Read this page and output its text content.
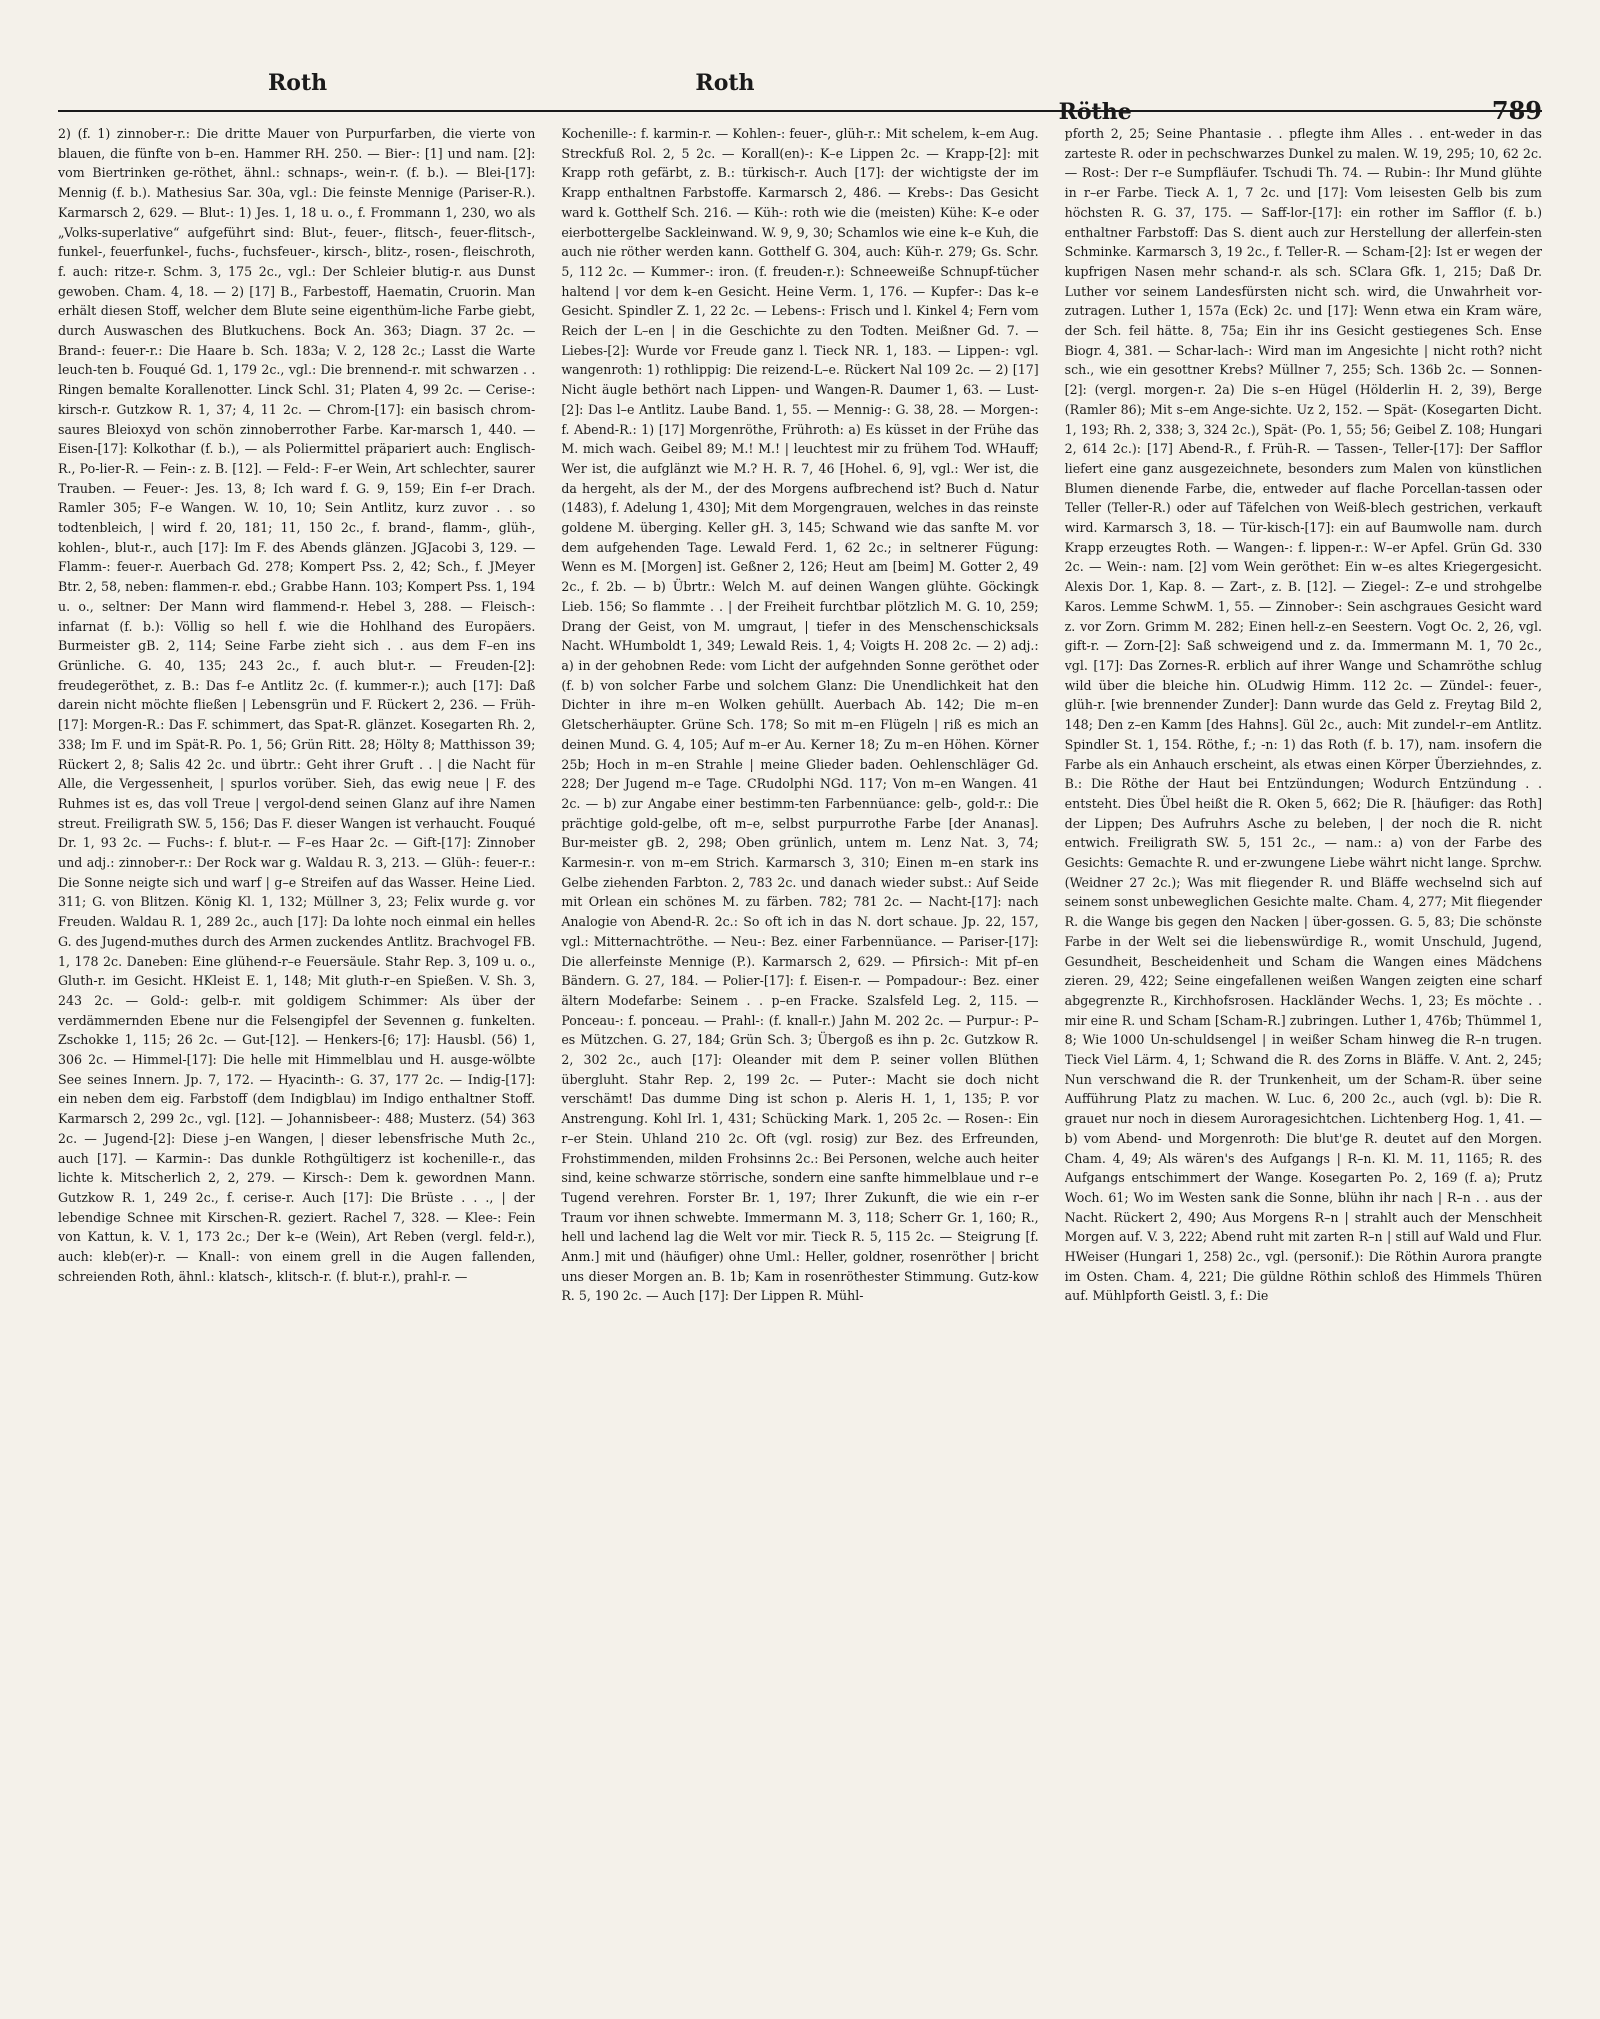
Roth	Roth
Röthe	789

2) (f. 1) zinnober-r.: Die dritte Mauer von Purpurfarben, die vierte von blauen, die fünfte von b–en. Hammer RH. 250. — Bier-: [1] und nam. [2]: vom Biertrinken ge-röthet, ähnl.: schnaps-, wein-r. (f. b.). — Blei-[17]: Mennig (f. b.). Mathesius Sar. 30a, vgl.: Die feinste Mennige (Pariser-R.). Karmarsch 2, 629. — Blut-: 1) Jes. 1, 18 u. o., f. Frommann 1, 230, wo als „Volks-superlative“ aufgeführt sind: Blut-, feuer-, flitsch-, feuer-flitsch-, funkel-, feuerfunkel-, fuchs-, fuchsfeuer-, kirsch-, blitz-, rosen-, fleischroth, f. auch: ritze-r. Schm. 3, 175 2c., vgl.: Der Schleier blutig-r. aus Dunst gewoben. Cham. 4, 18. — 2) [17] B., Farbestoff, Haematin, Cruorin. Man erhält diesen Stoff, welcher dem Blute seine eigenthüm-liche Farbe giebt, durch Auswaschen des Blutkuchens. Bock An. 363; Diagn. 37 2c. — Brand-: feuer-r.: Die Haare b. Sch. 183a; V. 2, 128 2c.; Lasst die Warte leuch-ten b. Fouqué Gd. 1, 179 2c., vgl.: Die brennend-r. mit schwarzen . . Ringen bemalte Korallenotter. Linck Schl. 31; Platen 4, 99 2c. — Cerise-: kirsch-r. Gutzkow R. 1, 37; 4, 11 2c. — Chrom-[17]: ein basisch chrom-saures Bleioxyd von schön zinnoberrother Farbe. Kar-marsch 1, 440. — Eisen-[17]: Kolkothar (f. b.), — als Poliermittel präpariert auch: Englisch-R., Po-lier-R. — Fein-: z. B. [12]. — Feld-: F–er Wein, Art schlechter, saurer Trauben. — Feuer-: Jes. 13, 8; Ich ward f. G. 9, 159; Ein f–er Drach. Ramler 305; F–e Wangen. W. 10, 10; Sein Antlitz, kurz zuvor . . so todtenbleich, | wird f. 20, 181; 11, 150 2c., f. brand-, flamm-, glüh-, kohlen-, blut-r., auch [17]: Im F. des Abends glänzen. JGJacobi 3, 129. — Flamm-: feuer-r. Auerbach Gd. 278; Kompert Pss. 2, 42; Sch., f. JMeyer Btr. 2, 58, neben: flammen-r. ebd.; Grabbe Hann. 103; Kompert Pss. 1, 194 u. o., seltner: Der Mann wird flammend-r. Hebel 3, 288. — Fleisch-: infarnat (f. b.): Völlig so hell f. wie die Hohlhand des Europäers. Burmeister gB. 2, 114; Seine Farbe zieht sich . . aus dem F–en ins Grünliche. G. 40, 135; 243 2c., f. auch blut-r. — Freuden-[2]: freudegeröthet, z. B.: Das f–e Antlitz 2c. (f. kummer-r.); auch [17]: Daß darein nicht möchte fließen | Lebensgrün und F. Rückert 2, 236. — Früh-[17]: Morgen-R.: Das F. schimmert, das Spat-R. glänzet. Kosegarten Rh. 2, 338; Im F. und im Spät-R. Po. 1, 56; Grün Ritt. 28; Hölty 8; Matthisson 39; Rückert 2, 8; Salis 42 2c. und übrtr.: Geht ihrer Gruft . . | die Nacht für Alle, die Vergessenheit, | spurlos vorüber. Sieh, das ewig neue | F. des Ruhmes ist es, das voll Treue | vergol-dend seinen Glanz auf ihre Namen streut. Freiligrath SW. 5, 156; Das F. dieser Wangen ist verhaucht. Fouqué Dr. 1, 93 2c. — Fuchs-: f. blut-r. — F–es Haar 2c. — Gift-[17]: Zinnober und adj.: zinnober-r.: Der Rock war g. Waldau R. 3, 213. — Glüh-: feuer-r.: Die Sonne neigte sich und warf | g–e Streifen auf das Wasser. Heine Lied. 311; G. von Blitzen. König Kl. 1, 132; Müllner 3, 23; Felix wurde g. vor Freuden. Waldau R. 1, 289 2c., auch [17]: Da lohte noch einmal ein helles G. des Jugend-muthes durch des Armen zuckendes Antlitz. Brachvogel FB. 1, 178 2c. Daneben: Eine glühend-r–e Feuersäule. Stahr Rep. 3, 109 u. o., Gluth-r. im Gesicht. HKleist E. 1, 148; Mit gluth-r–en Spießen. V. Sh. 3, 243 2c. — Gold-: gelb-r. mit goldigem Schimmer: Als über der verdämmernden Ebene nur die Felsengipfel der Sevennen g. funkelten. Zschokke 1, 115; 26 2c. — Gut-[12]. — Henkers-[6; 17]: Hausbl. (56) 1, 306 2c. — Himmel-[17]: Die helle mit Himmelblau und H. ausge-wölbte See seines Innern. Jp. 7, 172. — Hyacinth-: G. 37, 177 2c. — Indig-[17]: ein neben dem eig. Farbstoff (dem Indigblau) im Indigo enthaltner Stoff. Karmarsch 2, 299 2c., vgl. [12]. — Johannisbeer-: 488; Musterz. (54) 363 2c. — Jugend-[2]: Diese j–en Wangen, | dieser lebensfrische Muth 2c., auch [17]. — Karmin-: Das dunkle Rothgültigerz ist kochenille-r., das lichte k. Mitscherlich 2, 2, 279. — Kirsch-: Dem k. gewordnen Mann. Gutzkow R. 1, 249 2c., f. cerise-r. Auch [17]: Die Brüste . . ., | der lebendige Schnee mit Kirschen-R. geziert. Rachel 7, 328. — Klee-: Fein von Kattun, k. V. 1, 173 2c.; Der k–e (Wein), Art Reben (vergl. feld-r.), auch: kleb(er)-r. — Knall-: von einem grell in die Augen fallenden, schreienden Roth, ähnl.: klatsch-, klitsch-r. (f. blut-r.), prahl-r. —

Kochenille-: f. karmin-r. — Kohlen-: feuer-, glüh-r.: Mit schelem, k–em Aug. Streckfuß Rol. 2, 5 2c. — Korall(en)-: K–e Lippen 2c. — Krapp-[2]: mit Krapp roth gefärbt, z. B.: türkisch-r. Auch [17]: der wichtigste der im Krapp enthaltnen Farbstoffe. Karmarsch 2, 486. — Krebs-: Das Gesicht ward k. Gotthelf Sch. 216. — Küh-: roth wie die (meisten) Kühe: K–e oder eierbottergelbe Sackleinwand. W. 9, 9, 30; Schamlos wie eine k–e Kuh, die auch nie röther werden kann. Gotthelf G. 304, auch: Küh-r. 279; Gs. Schr. 5, 112 2c. — Kummer-: iron. (f. freuden-r.): Schneeweiße Schnupf-tücher haltend | vor dem k–en Gesicht. Heine Verm. 1, 176. — Kupfer-: Das k–e Gesicht. Spindler Z. 1, 22 2c. — Lebens-: Frisch und l. Kinkel 4; Fern vom Reich der L–en | in die Geschichte zu den Todten. Meißner Gd. 7. — Liebes-[2]: Wurde vor Freude ganz l. Tieck NR. 1, 183. — Lippen-: vgl. wangenroth: 1) rothlippig: Die reizend-L–e. Rückert Nal 109 2c. — 2) [17] Nicht äugle bethört nach Lippen- und Wangen-R. Daumer 1, 63. — Lust-[2]: Das l–e Antlitz. Laube Band. 1, 55. — Mennig-: G. 38, 28. — Morgen-: f. Abend-R.: 1) [17] Morgenröthe, Frühroth: a) Es küsset in der Frühe das M. mich wach. Geibel 89; M.! M.! | leuchtest mir zu frühem Tod. WHauff; Wer ist, die aufglänzt wie M.? H. R. 7, 46 [Hohel. 6, 9], vgl.: Wer ist, die da hergeht, als der M., der des Morgens aufbrechend ist? Buch d. Natur (1483), f. Adelung 1, 430]; Mit dem Morgengrauen, welches in das reinste goldene M. überging. Keller gH. 3, 145; Schwand wie das sanfte M. vor dem aufgehenden Tage. Lewald Ferd. 1, 62 2c.; in seltnerer Fügung: Wenn es M. [Morgen] ist. Geßner 2, 126; Heut am [beim] M. Gotter 2, 49 2c., f. 2b. — b) Übrtr.: Welch M. auf deinen Wangen glühte. Göckingk Lieb. 156; So flammte . . | der Freiheit furchtbar plötzlich M. G. 10, 259; Drang der Geist, von M. umgraut, | tiefer in des Menschenschicksals Nacht. WHumboldt 1, 349; Lewald Reis. 1, 4; Voigts H. 208 2c. — 2) adj.: a) in der gehobnen Rede: vom Licht der aufgehnden Sonne geröthet oder (f. b) von solcher Farbe und solchem Glanz: Die Unendlichkeit hat den Dichter in ihre m–en Wolken gehüllt. Auerbach Ab. 142; Die m–en Gletscherhäupter. Grüne Sch. 178; So mit m–en Flügeln | riß es mich an deinen Mund. G. 4, 105; Auf m–er Au. Kerner 18; Zu m–en Höhen. Körner 25b; Hoch in m–en Strahle | meine Glieder baden. Oehlenschläger Gd. 228; Der Jugend m–e Tage. CRudolphi NGd. 117; Von m–en Wangen. 41 2c. — b) zur Angabe einer bestimm-ten Farbennüance: gelb-, gold-r.: Die prächtige gold-gelbe, oft m–e, selbst purpurrothe Farbe [der Ananas]. Bur-meister gB. 2, 298; Oben grünlich, untem m. Lenz Nat. 3, 74; Karmesin-r. von m–em Strich. Karmarsch 3, 310; Einen m–en stark ins Gelbe ziehenden Farbton. 2, 783 2c. und danach wieder subst.: Auf Seide mit Orlean ein schönes M. zu färben. 782; 781 2c. — Nacht-[17]: nach Analogie von Abend-R. 2c.: So oft ich in das N. dort schaue. Jp. 22, 157, vgl.: Mitternachtröthe. — Neu-: Bez. einer Farbennüance. — Pariser-[17]: Die allerfeinste Mennige (P.). Karmarsch 2, 629. — Pfirsich-: Mit pf–en Bändern. G. 27, 184. — Polier-[17]: f. Eisen-r. — Pompadour-: Bez. einer ältern Modefarbe: Seinem . . p–en Fracke. Szalsfeld Leg. 2, 115. — Ponceau-: f. ponceau. — Prahl-: (f. knall-r.) Jahn M. 202 2c. — Purpur-: P–es Mützchen. G. 27, 184; Grün Sch. 3; Übergoß es ihn p. 2c. Gutzkow R. 2, 302 2c., auch [17]: Oleander mit dem P. seiner vollen Blüthen übergluht. Stahr Rep. 2, 199 2c. — Puter-: Macht sie doch nicht verschämt! Das dumme Ding ist schon p. Aleris H. 1, 1, 135; P. vor Anstrengung. Kohl Irl. 1, 431; Schücking Mark. 1, 205 2c. — Rosen-: Ein r–er Stein. Uhland 210 2c. Oft (vgl. rosig) zur Bez. des Erfreunden, Frohstimmenden, milden Frohsinns 2c.: Bei Personen, welche auch heiter sind, keine schwarze störrische, sondern eine sanfte himmelblaue und r–e Tugend verehren. Forster Br. 1, 197; Ihrer Zukunft, die wie ein r–er Traum vor ihnen schwebte. Immermann M. 3, 118; Scherr Gr. 1, 160; R., hell und lachend lag die Welt vor mir. Tieck R. 5, 115 2c. — Steigrung [f. Anm.] mit und (häufiger) ohne Uml.: Heller, goldner, rosenröther | bricht uns dieser Morgen an. B. 1b; Kam in rosenröthester Stimmung. Gutz-kow R. 5, 190 2c. — Auch [17]: Der Lippen R. Mühl-

pforth 2, 25; Seine Phantasie . . pflegte ihm Alles . . ent-weder in das zarteste R. oder in pechschwarzes Dunkel zu malen. W. 19, 295; 10, 62 2c. — Rost-: Der r–e Sumpfläufer. Tschudi Th. 74. — Rubin-: Ihr Mund glühte in r–er Farbe. Tieck A. 1, 7 2c. und [17]: Vom leisesten Gelb bis zum höchsten R. G. 37, 175. — Saff-lor-[17]: ein rother im Safflor (f. b.) enthaltner Farbstoff: Das S. dient auch zur Herstellung der allerfein-sten Schminke. Karmarsch 3, 19 2c., f. Teller-R. — Scham-[2]: Ist er wegen der kupfrigen Nasen mehr schand-r. als sch. SClara Gfk. 1, 215; Daß Dr. Luther vor seinem Landesfürsten nicht sch. wird, die Unwahrheit vor-zutragen. Luther 1, 157a (Eck) 2c. und [17]: Wenn etwa ein Kram wäre, der Sch. feil hätte. 8, 75a; Ein ihr ins Gesicht gestiegenes Sch. Ense Biogr. 4, 381. — Schar-lach-: Wird man im Angesichte | nicht roth? nicht sch., wie ein gesottner Krebs? Müllner 7, 255; Sch. 136b 2c. — Sonnen-[2]: (vergl. morgen-r. 2a) Die s–en Hügel (Hölderlin H. 2, 39), Berge (Ramler 86); Mit s–em Ange-sichte. Uz 2, 152. — Spät- (Kosegarten Dicht. 1, 193; Rh. 2, 338; 3, 324 2c.), Spät- (Po. 1, 55; 56; Geibel Z. 108; Hungari 2, 614 2c.): [17] Abend-R., f. Früh-R. — Tassen-, Teller-[17]: Der Safflor liefert eine ganz ausgezeichnete, besonders zum Malen von künstlichen Blumen dienende Farbe, die, entweder auf flache Porcellan-tassen oder Teller (Teller-R.) oder auf Täfelchen von Weiß-blech gestrichen, verkauft wird. Karmarsch 3, 18. — Tür-kisch-[17]: ein auf Baumwolle nam. durch Krapp erzeugtes Roth. — Wangen-: f. lippen-r.: W–er Apfel. Grün Gd. 330 2c. — Wein-: nam. [2] vom Wein geröthet: Ein w–es altes Kriegergesicht. Alexis Dor. 1, Kap. 8. — Zart-, z. B. [12]. — Ziegel-: Z–e und strohgelbe Karos. Lemme SchwM. 1, 55. — Zinnober-: Sein aschgraues Gesicht ward z. vor Zorn. Grimm M. 282; Einen hell-z–en Seestern. Vogt Oc. 2, 26, vgl. gift-r. — Zorn-[2]: Saß schweigend und z. da. Immermann M. 1, 70 2c., vgl. [17]: Das Zornes-R. erblich auf ihrer Wange und Schamröthe schlug wild über die bleiche hin. OLudwig Himm. 112 2c. — Zündel-: feuer-, glüh-r. [wie brennender Zunder]: Dann wurde das Geld z. Freytag Bild 2, 148; Den z–en Kamm [des Hahns]. Gül 2c., auch: Mit zundel-r–em Antlitz. Spindler St. 1, 154. Röthe, f.; -n: 1) das Roth (f. b. 17), nam. insofern die Farbe als ein Anhauch erscheint, als etwas einen Körper Überziehndes, z. B.: Die Röthe der Haut bei Entzündungen; Wodurch Entzündung . . entsteht. Dies Übel heißt die R. Oken 5, 662; Die R. [häufiger: das Roth] der Lippen; Des Aufruhrs Asche zu beleben, | der noch die R. nicht entwich. Freiligrath SW. 5, 151 2c., — nam.: a) von der Farbe des Gesichts: Gemachte R. und er-zwungene Liebe währt nicht lange. Sprchw. (Weidner 27 2c.); Was mit fliegender R. und Bläffe wechselnd sich auf seinem sonst unbeweglichen Gesichte malte. Cham. 4, 277; Mit fliegender R. die Wange bis gegen den Nacken | über-gossen. G. 5, 83; Die schönste Farbe in der Welt sei die liebenswürdige R., womit Unschuld, Jugend, Gesundheit, Bescheidenheit und Scham die Wangen eines Mädchens zieren. 29, 422; Seine eingefallenen weißen Wangen zeigten eine scharf abgegrenzte R., Kirchhofsrosen. Hackländer Wechs. 1, 23; Es möchte . . mir eine R. und Scham [Scham-R.] zubringen. Luther 1, 476b; Thümmel 1, 8; Wie 1000 Un-schuldsengel | in weißer Scham hinweg die R–n trugen. Tieck Viel Lärm. 4, 1; Schwand die R. des Zorns in Bläffe. V. Ant. 2, 245; Nun verschwand die R. der Trunkenheit, um der Scham-R. über seine Aufführung Platz zu machen. W. Luc. 6, 200 2c., auch (vgl. b): Die R. grauet nur noch in diesem Auroragesichtchen. Lichtenberg Hog. 1, 41. — b) vom Abend- und Morgenroth: Die blut'ge R. deutet auf den Morgen. Cham. 4, 49; Als wären's des Aufgangs | R–n. Kl. M. 11, 1165; R. des Aufgangs entschimmert der Wange. Kosegarten Po. 2, 169 (f. a); Prutz Woch. 61; Wo im Westen sank die Sonne, blühn ihr nach | R–n . . aus der Nacht. Rückert 2, 490; Aus Morgens R–n | strahlt auch der Menschheit Morgen auf. V. 3, 222; Abend ruht mit zarten R–n | still auf Wald und Flur. HWeiser (Hungari 1, 258) 2c., vgl. (personif.): Die Röthin Aurora prangte im Osten. Cham. 4, 221; Die güldne Röthin schloß des Himmels Thüren auf. Mühlpforth Geistl. 3, f.: Die
